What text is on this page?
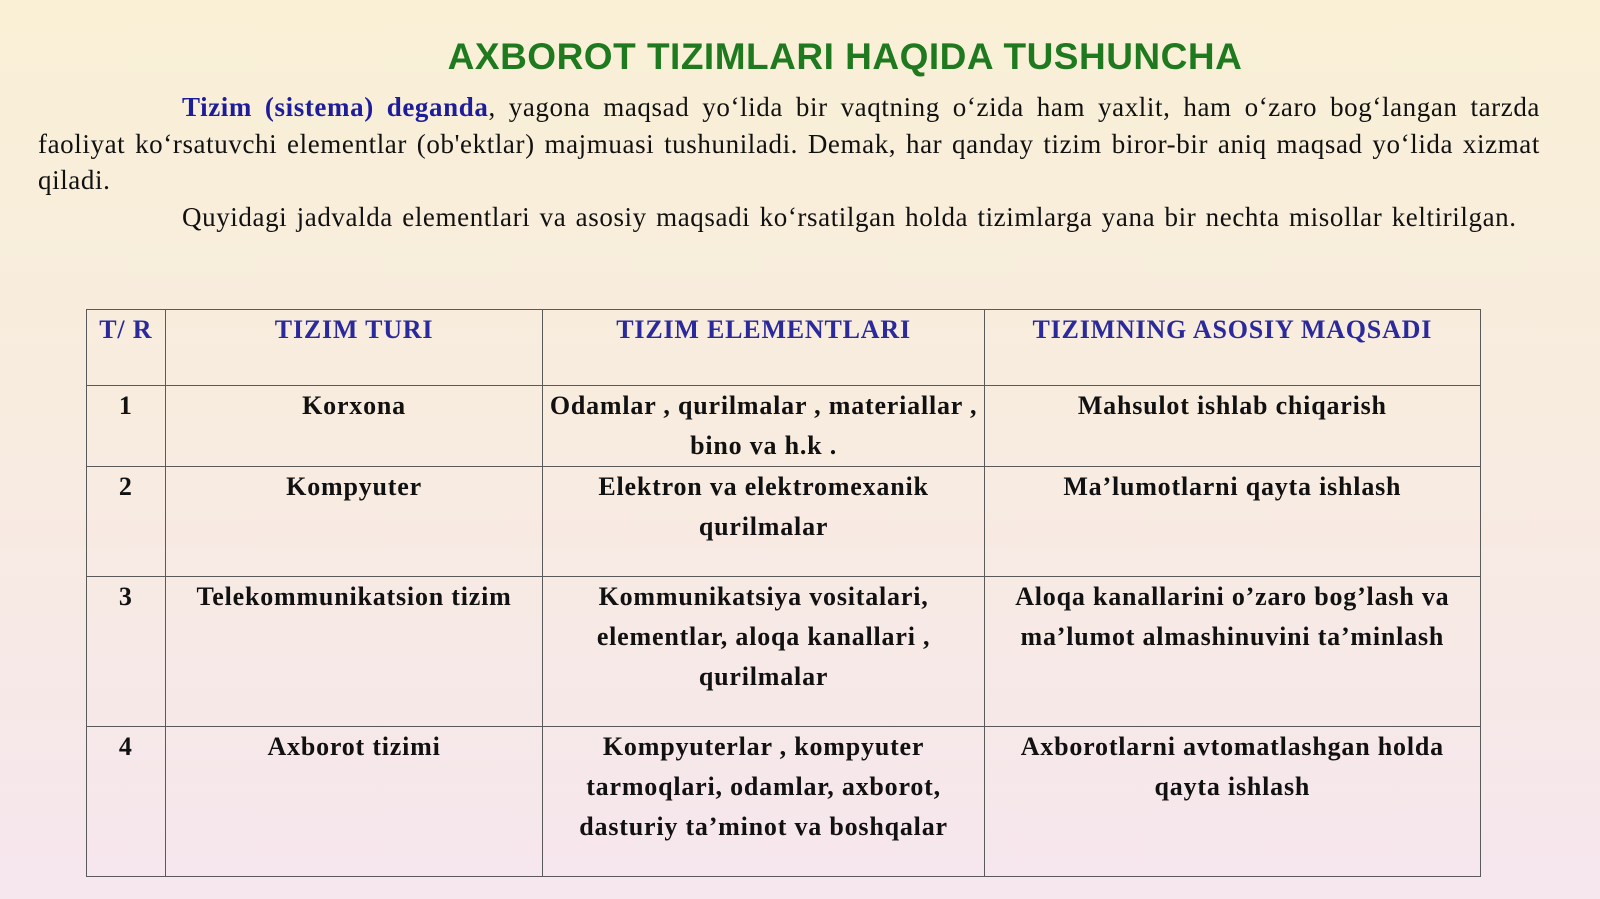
AXBOROT TIZIMLARI HAQIDA TUSHUNCHA

Tizim (sistema) deganda, yagona maqsad yo‘lida bir vaqtning o‘zida ham yaxlit, ham o‘zaro bog‘langan tarzda faoliyat ko‘rsatuvchi elementlar (ob'ektlar) majmuasi tushuniladi. Demak, har qanday tizim biror-bir aniq maqsad yo‘lida xizmat qiladi.

Quyidagi jadvalda elementlari va asosiy maqsadi ko‘rsatilgan holda tizimlarga yana bir nechta misollar keltirilgan.

T/ R	TIZIM TURI	TIZIM ELEMENTLARI	TIZIMNING ASOSIY MAQSADI
1	Korxona	Odamlar , qurilmalar , materiallar , bino va h.k .	Mahsulot ishlab chiqarish
2	Kompyuter	Elektron va elektromexanik qurilmalar	Ma’lumotlarni qayta ishlash
3	Telekommunikatsion tizim	Kommunikatsiya vositalari, elementlar, aloqa kanallari , qurilmalar	Aloqa kanallarini o’zaro bog’lash va ma’lumot almashinuvini ta’minlash
4	Axborot tizimi	Kompyuterlar , kompyuter tarmoqlari, odamlar, axborot, dasturiy ta’minot va boshqalar	Axborotlarni avtomatlashgan holda qayta ishlash
